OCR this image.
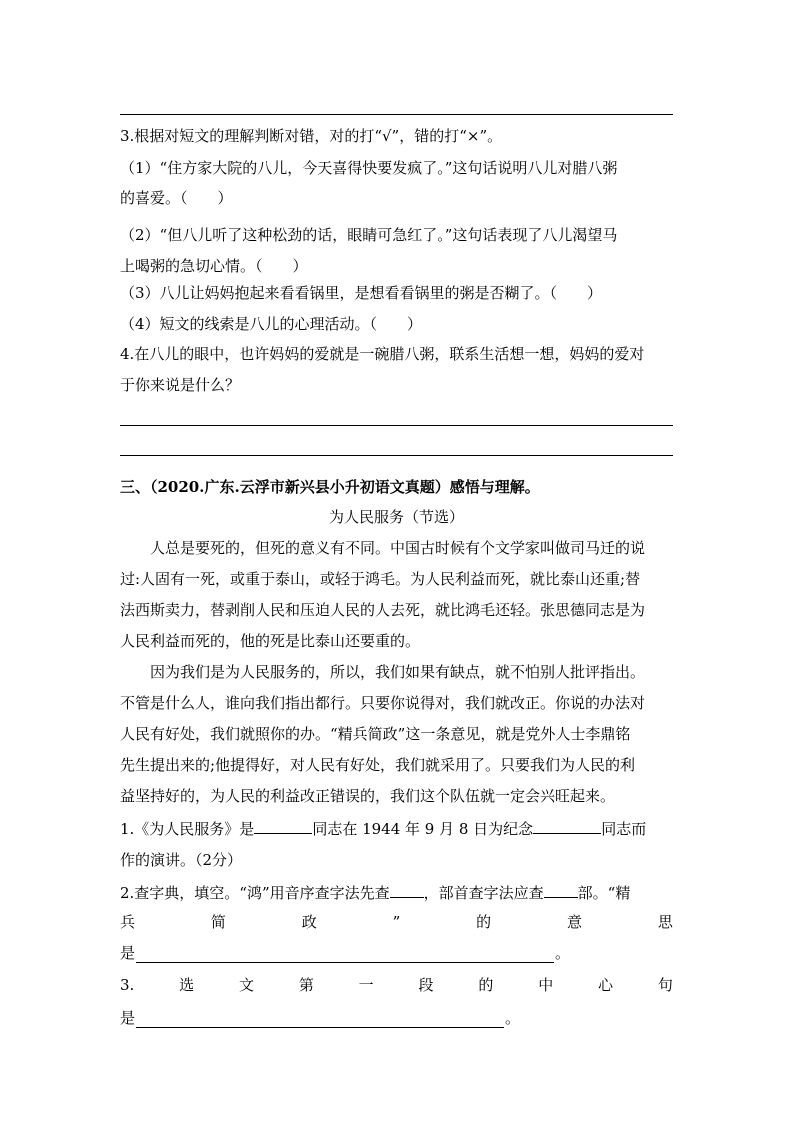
3.根据对短文的理解判断对错，对的打“√”，错的打“×”。
（1）“住方家大院的八儿，今天喜得快要发疯了。”这句话说明八儿对腊八粥
的喜爱。（　　）
（2）“但八儿听了这种松劲的话，眼睛可急红了。”这句话表现了八儿渴望马
上喝粥的急切心情。（　　）
（3）八儿让妈妈抱起来看看锅里，是想看看锅里的粥是否糊了。（　　）
（4）短文的线索是八儿的心理活动。（　　）
4.在八儿的眼中，也许妈妈的爱就是一碗腊八粥，联系生活想一想，妈妈的爱对
于你来说是什么？
三、（2020.广东.云浮市新兴县小升初语文真题）感悟与理解。
为人民服务（节选）
人总是要死的，但死的意义有不同。中国古时候有个文学家叫做司马迁的说
过:人固有一死，或重于泰山，或轻于鸿毛。为人民利益而死，就比泰山还重;替
法西斯卖力，替剥削人民和压迫人民的人去死，就比鸿毛还轻。张思德同志是为
人民利益而死的，他的死是比泰山还要重的。
因为我们是为人民服务的，所以，我们如果有缺点，就不怕别人批评指出。
不管是什么人，谁向我们指出都行。只要你说得对，我们就改正。你说的办法对
人民有好处，我们就照你的办。“精兵简政”这一条意见，就是党外人士李鼎铭
先生提出来的;他提得好，对人民有好处，我们就采用了。只要我们为人民的利
益坚持好的，为人民的利益改正错误的，我们这个队伍就一定会兴旺起来。
1.《为人民服务》是	同志在 1944 年 9 月 8 日为纪念	同志而
作的演讲。（2分）
2.查字典，填空。“鸿”用音序查字法先查 ，部首查字法应查 部。“精
兵	简	政	”	的	意	思
是	。
3.	选	文	第	一	段	的	中	心	句
是	。
